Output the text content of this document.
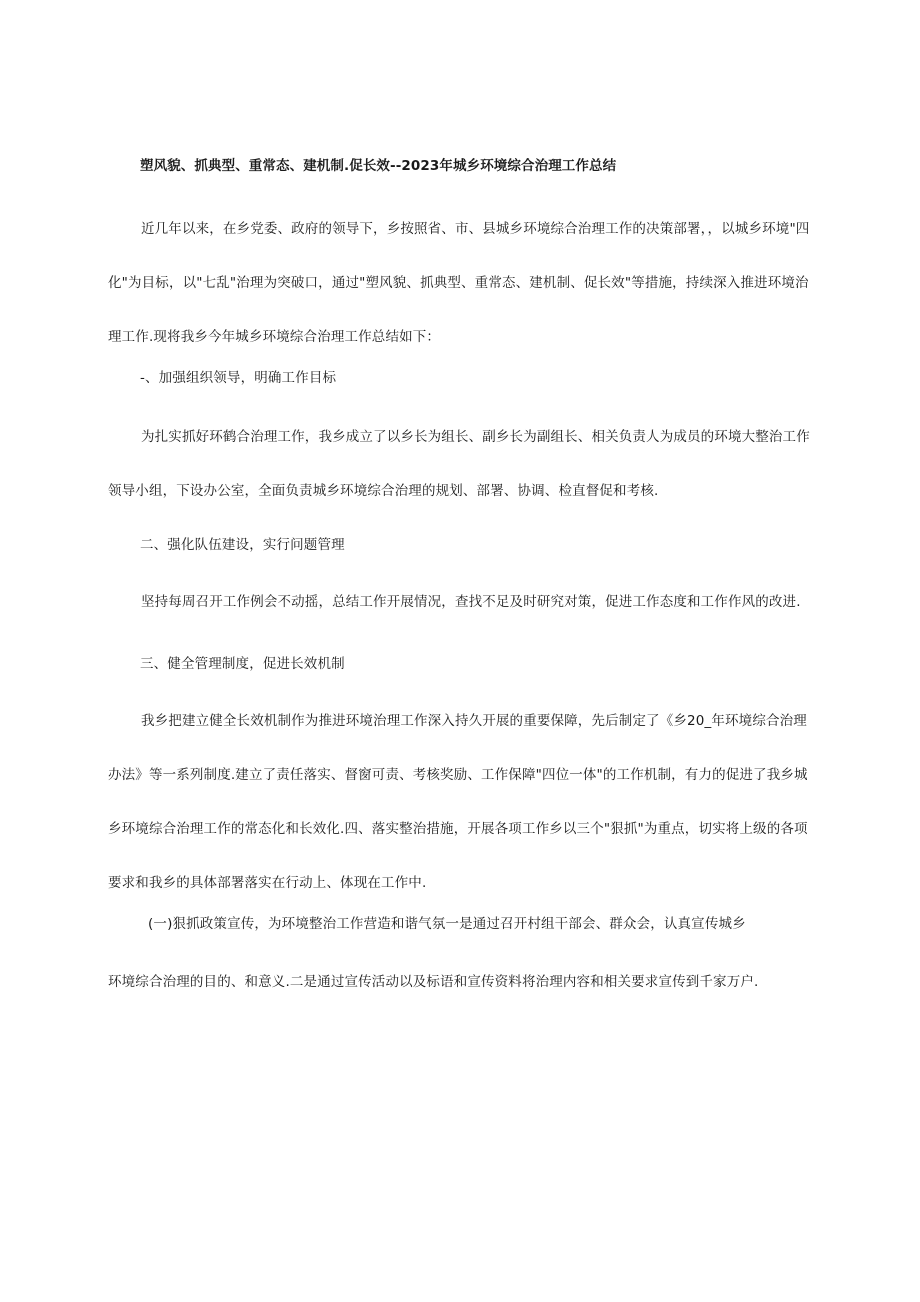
塑风貌、抓典型、重常态、建机制.促长效--2023年城乡环境综合治理工作总结
近几年以来，在乡党委、政府的领导下，乡按照省、市、县城乡环境综合治理工作的决策部署，，以城乡环境"四化"为目标，以"七乱"治理为突破口，通过"塑风貌、抓典型、重常态、建机制、促长效"等措施，持续深入推进环境治理工作.现将我乡今年城乡环境综合治理工作总结如下：
-、加强组织领导，明确工作目标
为扎实抓好环鹤合治理工作，我乡成立了以乡长为组长、副乡长为副组长、相关负责人为成员的环境大整治工作领导小组，下设办公室，全面负责城乡环境综合治理的规划、部署、协调、检直督促和考核.
二、强化队伍建设，实行问题管理
坚持每周召开工作例会不动摇，总结工作开展情况，查找不足及时研究对策，促进工作态度和工作作风的改进.
三、健全管理制度，促进长效机制
我乡把建立健全长效机制作为推进环境治理工作深入持久开展的重要保障，先后制定了《乡20_年环境综合治理办法》等一系列制度.建立了责任落实、督窗可责、考核奖励、工作保障"四位一体"的工作机制，有力的促进了我乡城乡环境综合治理工作的常态化和长效化.四、落实整治措施，开展各项工作乡以三个"狠抓"为重点，切实将上级的各项要求和我乡的具体部署落实在行动上、体现在工作中.
(一)狠抓政策宣传，为环境整治工作营造和谐气氛一是通过召开村组干部会、群众会，认真宣传城乡
环境综合治理的目的、和意义.二是通过宣传活动以及标语和宣传资料将治理内容和相关要求宣传到千家万户.
